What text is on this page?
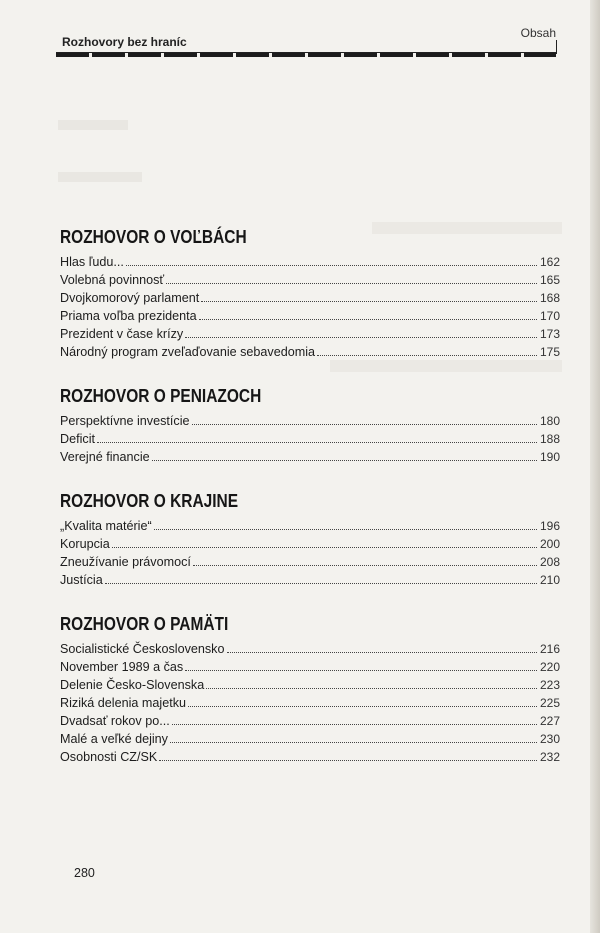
Rozhovory bez hraníc
Obsah
ROZHOVOR O VOĽBÁCH
Hlas ľudu...	162
Volebná povinnosť	165
Dvojkomorový parlament	168
Priama voľba prezidenta	170
Prezident v čase krízy	173
Národný program zveľaďovanie sebavedomia	175
ROZHOVOR O PENIAZOCH
Perspektívne investície	180
Deficit	188
Verejné financie	190
ROZHOVOR O KRAJINE
„Kvalita matérie“	196
Korupcia	200
Zneužívanie právomocí	208
Justícia	210
ROZHOVOR O PAMÄTI
Socialistické Československo	216
November 1989 a čas	220
Delenie Česko-Slovenska	223
Riziká delenia majetku	225
Dvadsať rokov po...	227
Malé a veľké dejiny	230
Osobnosti CZ/SK	232
280
